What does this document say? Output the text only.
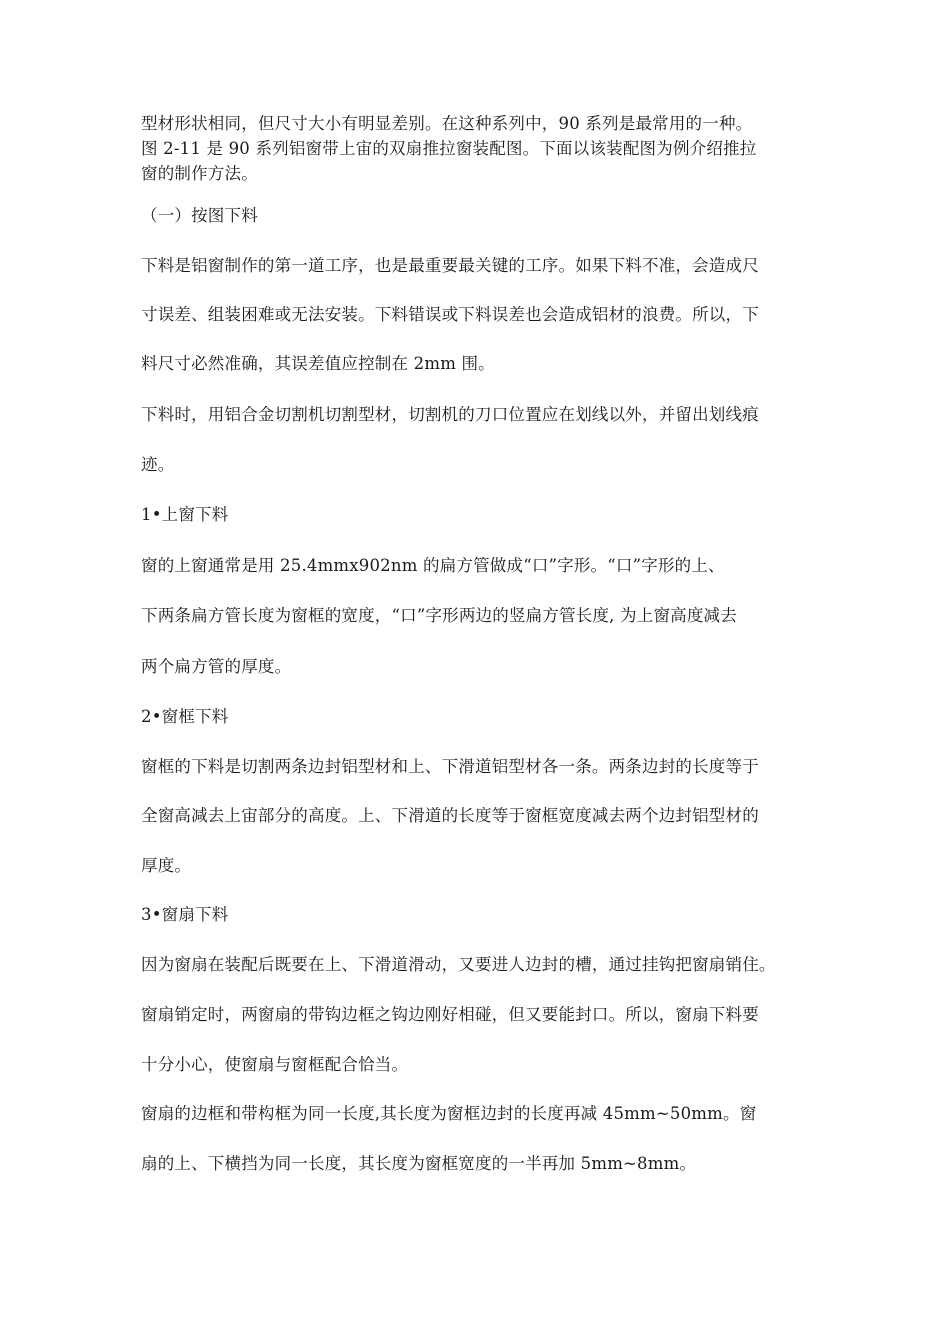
型材形状相同，但尺寸大小有明显差别。在这种系列中，90 系列是最常用的一种。
图 2-11 是 90 系列铝窗带上宙的双扇推拉窗装配图。下面以该装配图为例介绍推拉
窗的制作方法。
（一）按图下料
下料是铝窗制作的第一道工序，也是最重要最关键的工序。如果下料不准，会造成尺
寸误差、组装困难或无法安装。下料错误或下料误差也会造成铝材的浪费。所以，下
料尺寸必然准确，其误差值应控制在 2mm 围。
下料时，用铝合金切割机切割型材，切割机的刀口位置应在划线以外，并留出划线痕
迹。
1•上窗下料
窗的上窗通常是用 25.4mmx902nm 的扁方管做成“口”字形。“口”字形的上、
下两条扁方管长度为窗框的宽度，“口”字形两边的竖扁方管长度, 为上窗高度减去
两个扁方管的厚度。
2•窗框下料
窗框的下料是切割两条边封铝型材和上、下滑道铝型材各一条。两条边封的长度等于
全窗高减去上宙部分的高度。上、下滑道的长度等于窗框宽度减去两个边封铝型材的
厚度。
3•窗扇下料
因为窗扇在装配后既要在上、下滑道滑动，又要进人边封的槽，通过挂钩把窗扇销住。
窗扇销定时，两窗扇的带钩边框之钩边刚好相碰，但又要能封口。所以，窗扇下料要
十分小心，使窗扇与窗框配合恰当。
窗扇的边框和带构框为同一长度,其长度为窗框边封的长度再减 45mm~50mm。窗
扇的上、下横挡为同一长度，其长度为窗框宽度的一半再加 5mm~8mm。
